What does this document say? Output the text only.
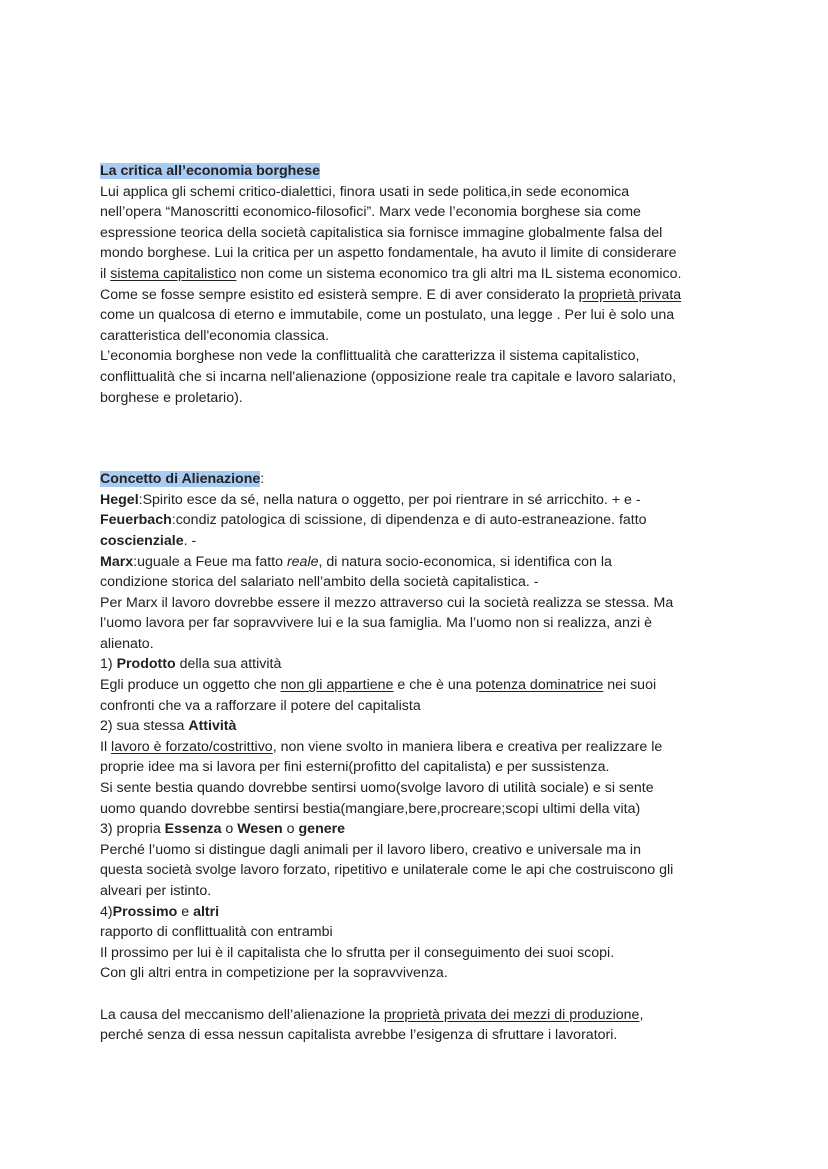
La critica all’economia borghese
Lui applica gli schemi critico-dialettici, finora usati in sede politica,in sede economica
nell’opera “Manoscritti economico-filosofici”. Marx vede l’economia borghese sia come
espressione teorica della società capitalistica sia fornisce immagine globalmente falsa del
mondo borghese. Lui la critica per un aspetto fondamentale, ha avuto il limite di considerare
il sistema capitalistico non come un sistema economico tra gli altri ma IL sistema economico.
Come se fosse sempre esistito ed esisterà sempre. E di aver considerato la proprietà privata
come un qualcosa di eterno e immutabile, come un postulato, una legge . Per lui è solo una
caratteristica dell'economia classica.
L’economia borghese non vede la conflittualità che caratterizza il sistema capitalistico,
conflittualità che si incarna nell'alienazione (opposizione reale tra capitale e lavoro salariato,
borghese e proletario).
Concetto di Alienazione:
Hegel:Spirito esce da sé, nella natura o oggetto, per poi rientrare in sé arricchito. + e -
Feuerbach:condiz patologica di scissione, di dipendenza e di auto-estraneazione. fatto
coscienziale. -
Marx:uguale a Feue ma fatto reale, di natura socio-economica, si identifica con la
condizione storica del salariato nell’ambito della società capitalistica. -
Per Marx il lavoro dovrebbe essere il mezzo attraverso cui la società realizza se stessa. Ma
l’uomo lavora per far sopravvivere lui e la sua famiglia. Ma l’uomo non si realizza, anzi è
alienato.
1) Prodotto della sua attività
Egli produce un oggetto che non gli appartiene e che è una potenza dominatrice nei suoi
confronti che va a rafforzare il potere del capitalista
2) sua stessa Attività
Il lavoro è forzato/costrittivo, non viene svolto in maniera libera e creativa per realizzare le
proprie idee ma si lavora per fini esterni(profitto del capitalista) e per sussistenza.
Si sente bestia quando dovrebbe sentirsi uomo(svolge lavoro di utilità sociale) e si sente
uomo quando dovrebbe sentirsi bestia(mangiare,bere,procreare;scopi ultimi della vita)
3) propria Essenza o Wesen o genere
Perché l’uomo si distingue dagli animali per il lavoro libero, creativo e universale ma in
questa società svolge lavoro forzato, ripetitivo e unilaterale come le api che costruiscono gli
alveari per istinto.
4)Prossimo e altri
rapporto di conflittualità con entrambi
Il prossimo per lui è il capitalista che lo sfrutta per il conseguimento dei suoi scopi.
Con gli altri entra in competizione per la sopravvivenza.
La causa del meccanismo dell’alienazione la proprietà privata dei mezzi di produzione,
perché senza di essa nessun capitalista avrebbe l’esigenza di sfruttare i lavoratori.
